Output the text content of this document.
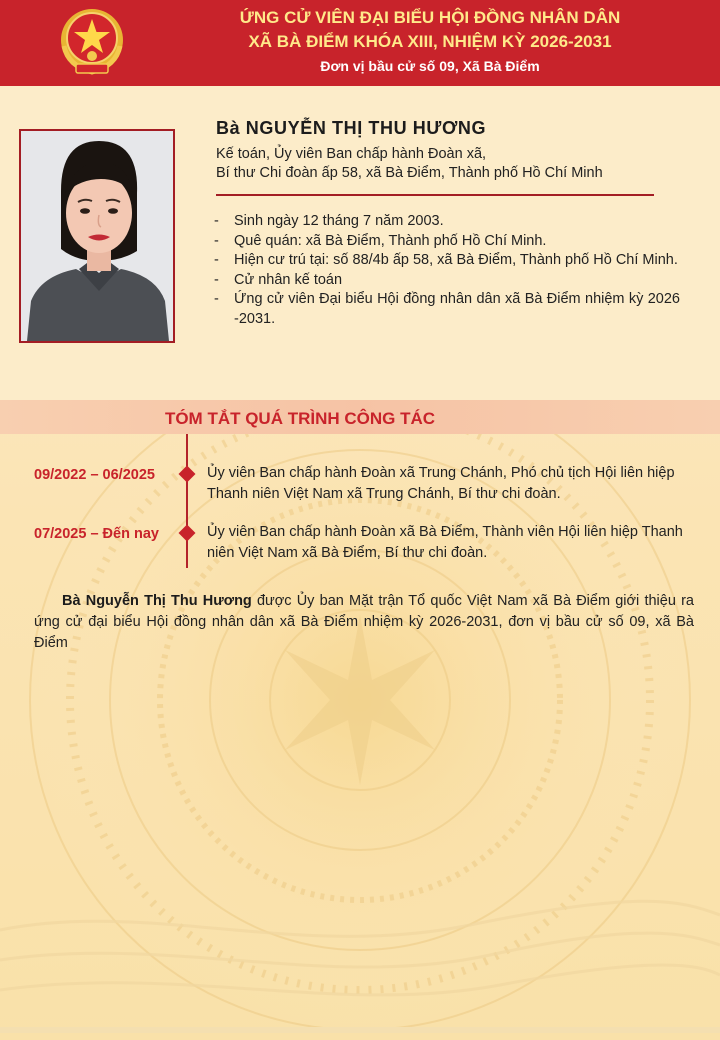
ỨNG CỬ VIÊN ĐẠI BIỂU HỘI ĐỒNG NHÂN DÂN
XÃ BÀ ĐIỂM KHÓA XIII, NHIỆM KỲ 2026-2031
Đơn vị bầu cử số 09, Xã Bà Điểm
Bà NGUYỄN THỊ THU HƯƠNG
Kế toán, Ủy viên Ban chấp hành Đoàn xã,
Bí thư Chi đoàn ấp 58, xã Bà Điểm, Thành phố Hồ Chí Minh
- Sinh ngày 12 tháng 7 năm 2003.
- Quê quán: xã Bà Điểm, Thành phố Hồ Chí Minh.
- Hiện cư trú tại: số 88/4b ấp 58, xã Bà Điểm, Thành phố Hồ Chí Minh.
- Cử nhân kế toán
- Ứng cử viên Đại biểu Hội đồng nhân dân xã Bà Điểm nhiệm kỳ 2026 -2031.
TÓM TẮT QUÁ TRÌNH CÔNG TÁC
09/2022 – 06/2025	Ủy viên Ban chấp hành Đoàn xã Trung Chánh, Phó chủ tịch Hội liên hiệp Thanh niên Việt Nam xã Trung Chánh, Bí thư chi đoàn.
07/2025 – Đến nay	Ủy viên Ban chấp hành Đoàn xã Bà Điểm, Thành viên Hội liên hiệp Thanh niên Việt Nam xã Bà Điểm, Bí thư chi đoàn.
Bà Nguyễn Thị Thu Hương được Ủy ban Mặt trận Tổ quốc Việt Nam xã Bà Điểm giới thiệu ra ứng cử đại biểu Hội đồng nhân dân xã Bà Điểm nhiệm kỳ 2026-2031, đơn vị bầu cử số 09, xã Bà Điểm
